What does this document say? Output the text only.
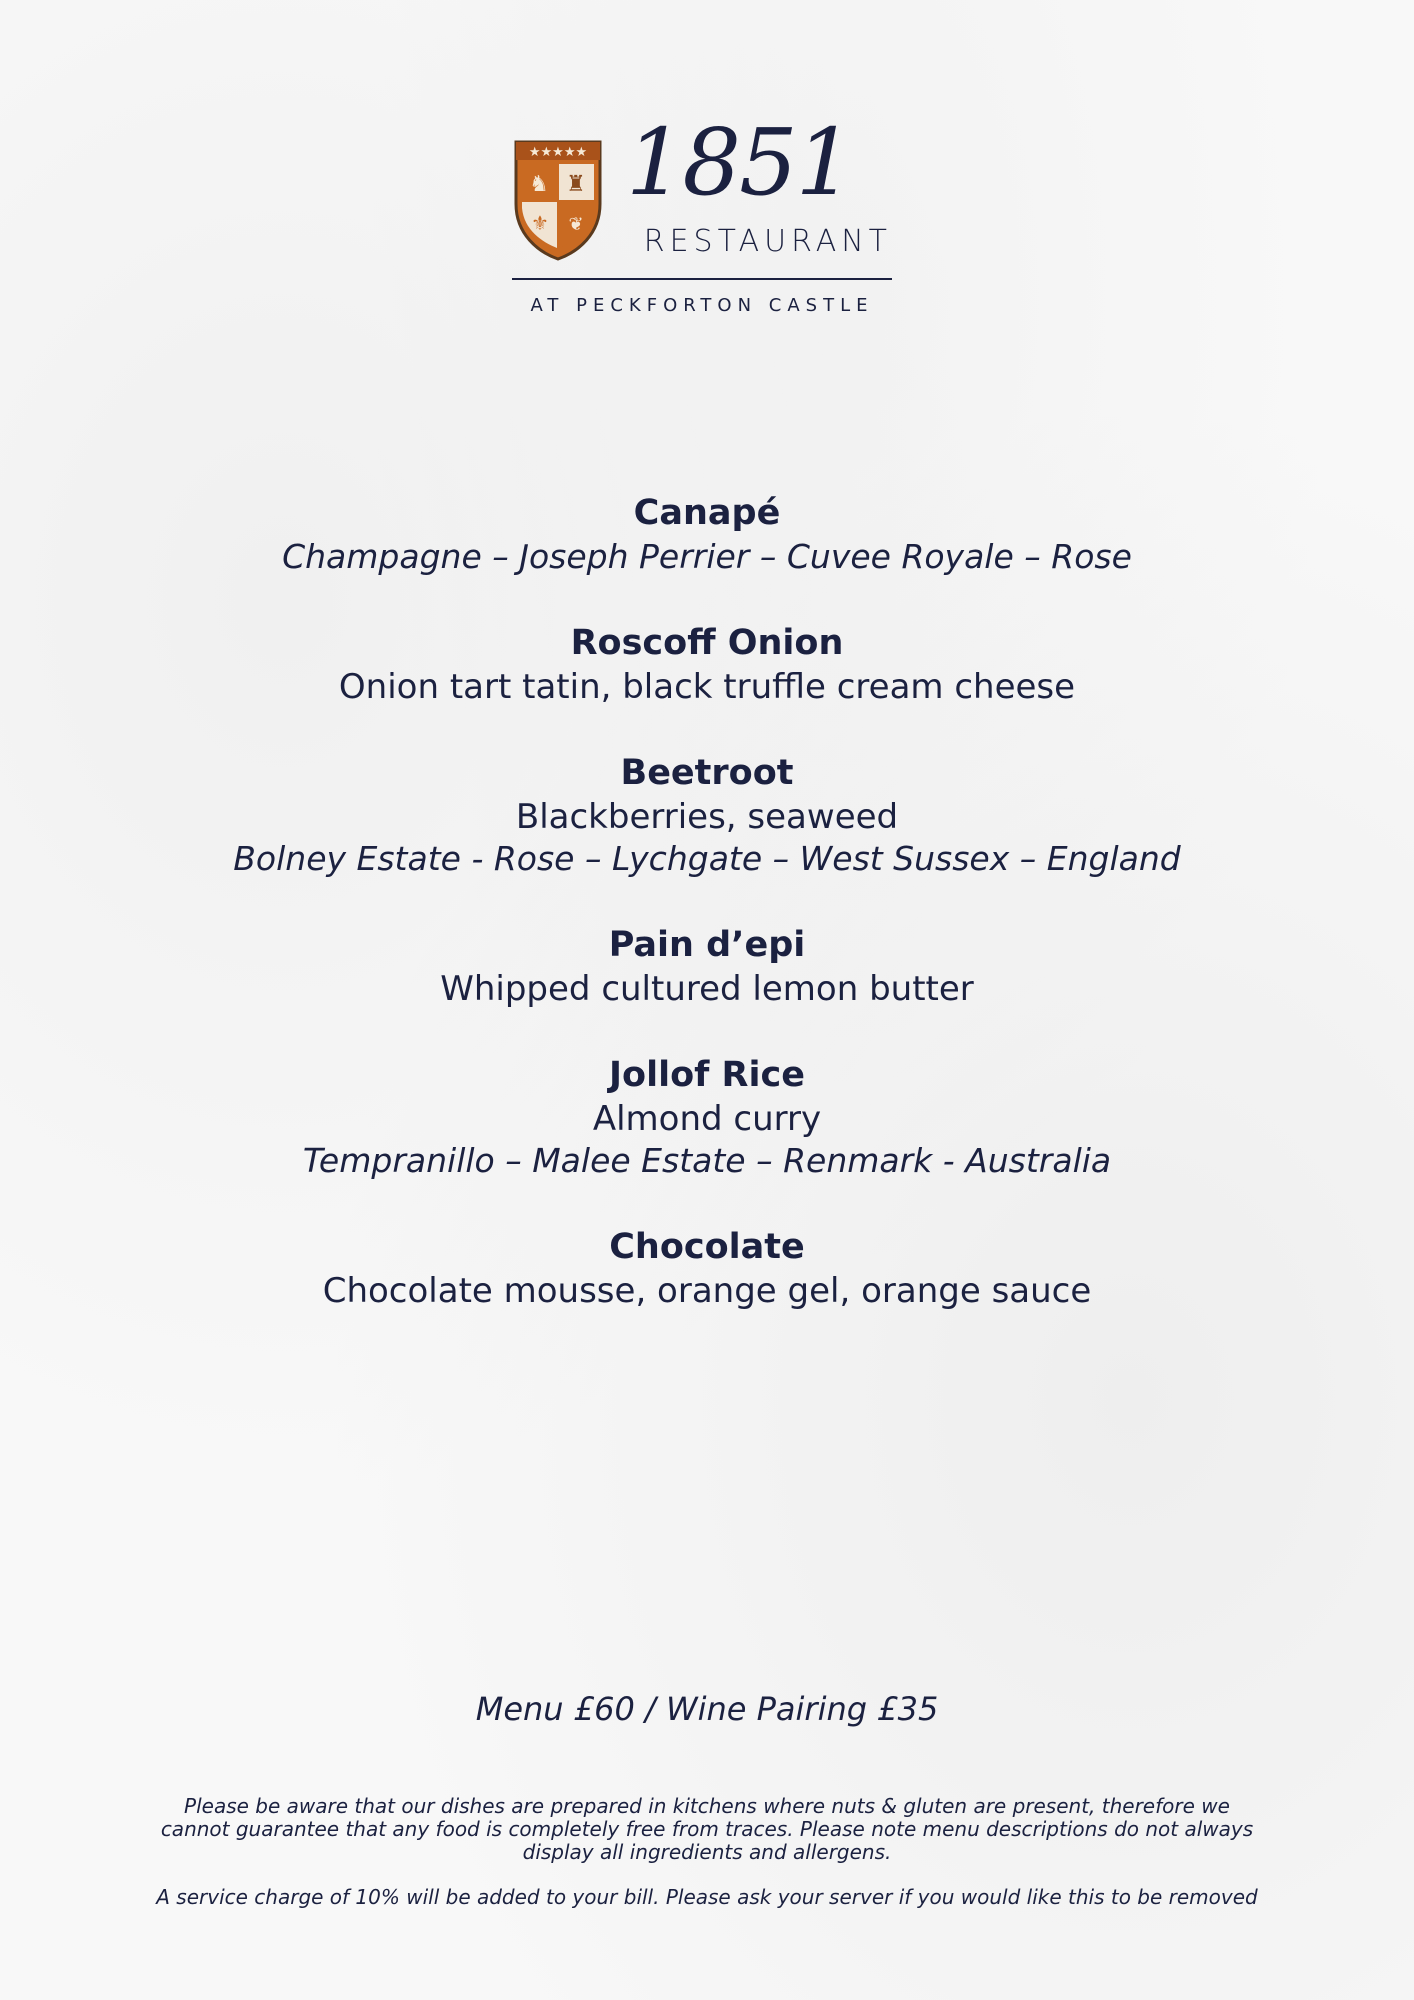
★★★★★
♞ ♜
⚜ ❦
1851
RESTAURANT
AT PECKFORTON CASTLE

Canapé

Champagne – Joseph Perrier – Cuvee Royale – Rose

Roscoff Onion

Onion tart tatin, black truffle cream cheese

Beetroot

Blackberries, seaweed

Bolney Estate - Rose – Lychgate – West Sussex – England

Pain d’epi

Whipped cultured lemon butter

Jollof Rice

Almond curry

Tempranillo – Malee Estate – Renmark - Australia

Chocolate

Chocolate mousse, orange gel, orange sauce

Menu £60 / Wine Pairing £35

Please be aware that our dishes are prepared in kitchens where nuts & gluten are present, therefore we cannot guarantee that any food is completely free from traces. Please note menu descriptions do not always display all ingredients and allergens.

A service charge of 10% will be added to your bill. Please ask your server if you would like this to be removed
